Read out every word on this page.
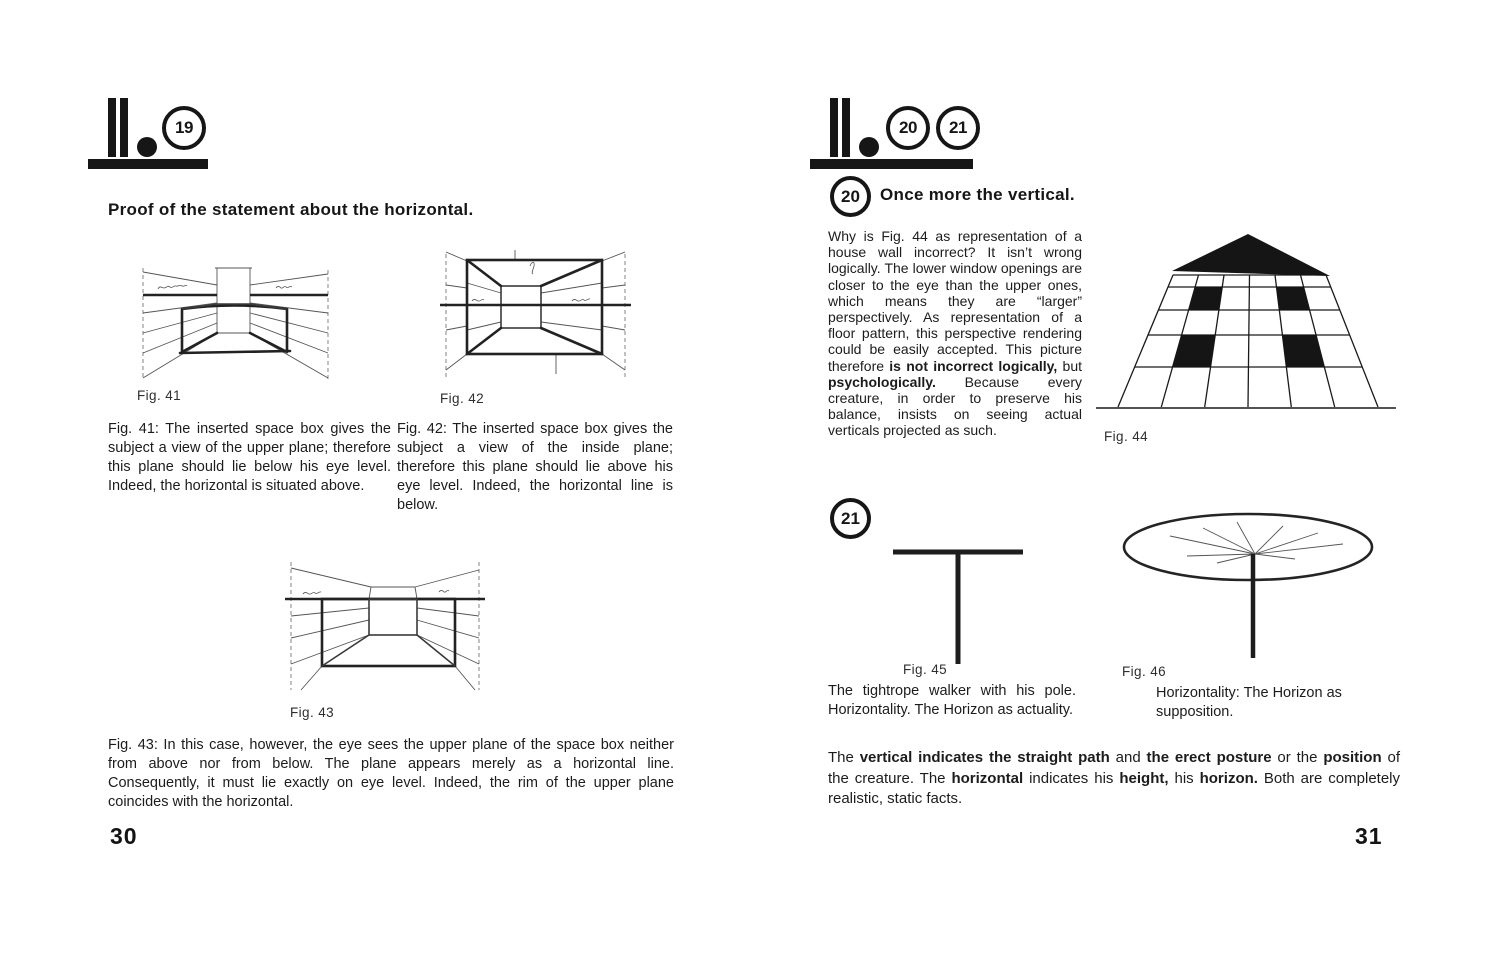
19
Proof of the statement about the horizontal.
Fig. 41	Fig. 42
Fig. 41: The inserted space box gives the subject a view of the upper plane; therefore this plane should lie below his eye level. Indeed, the horizontal is situated above.
Fig. 42: The inserted space box gives the subject a view of the inside plane; therefore this plane should lie above his eye level. Indeed, the horizontal line is below.
Fig. 43
Fig. 43: In this case, however, the eye sees the upper plane of the space box neither from above nor from below. The plane appears merely as a horizontal line. Consequently, it must lie exactly on eye level. Indeed, the rim of the upper plane coincides with the horizontal.
30
20 21
20 Once more the vertical.
Fig. 44
Why is Fig. 44 as representation of a house wall incorrect? It isn’t wrong logically. The lower window openings are closer to the eye than the upper ones, which means they are “larger” perspectively. As representation of a floor pattern, this perspective rendering could be easily accepted. This picture therefore is not incorrect logically, but psychologically. Because every creature, in order to preserve his balance, insists on seeing actual verticals projected as such.
21
Fig. 45	Fig. 46
The tightrope walker with his pole. Horizontality. The Horizon as actuality.
Horizontality: The Horizon as supposition.
The vertical indicates the straight path and the erect posture or the position of the creature. The horizontal indicates his height, his horizon. Both are completely realistic, static facts.
31
